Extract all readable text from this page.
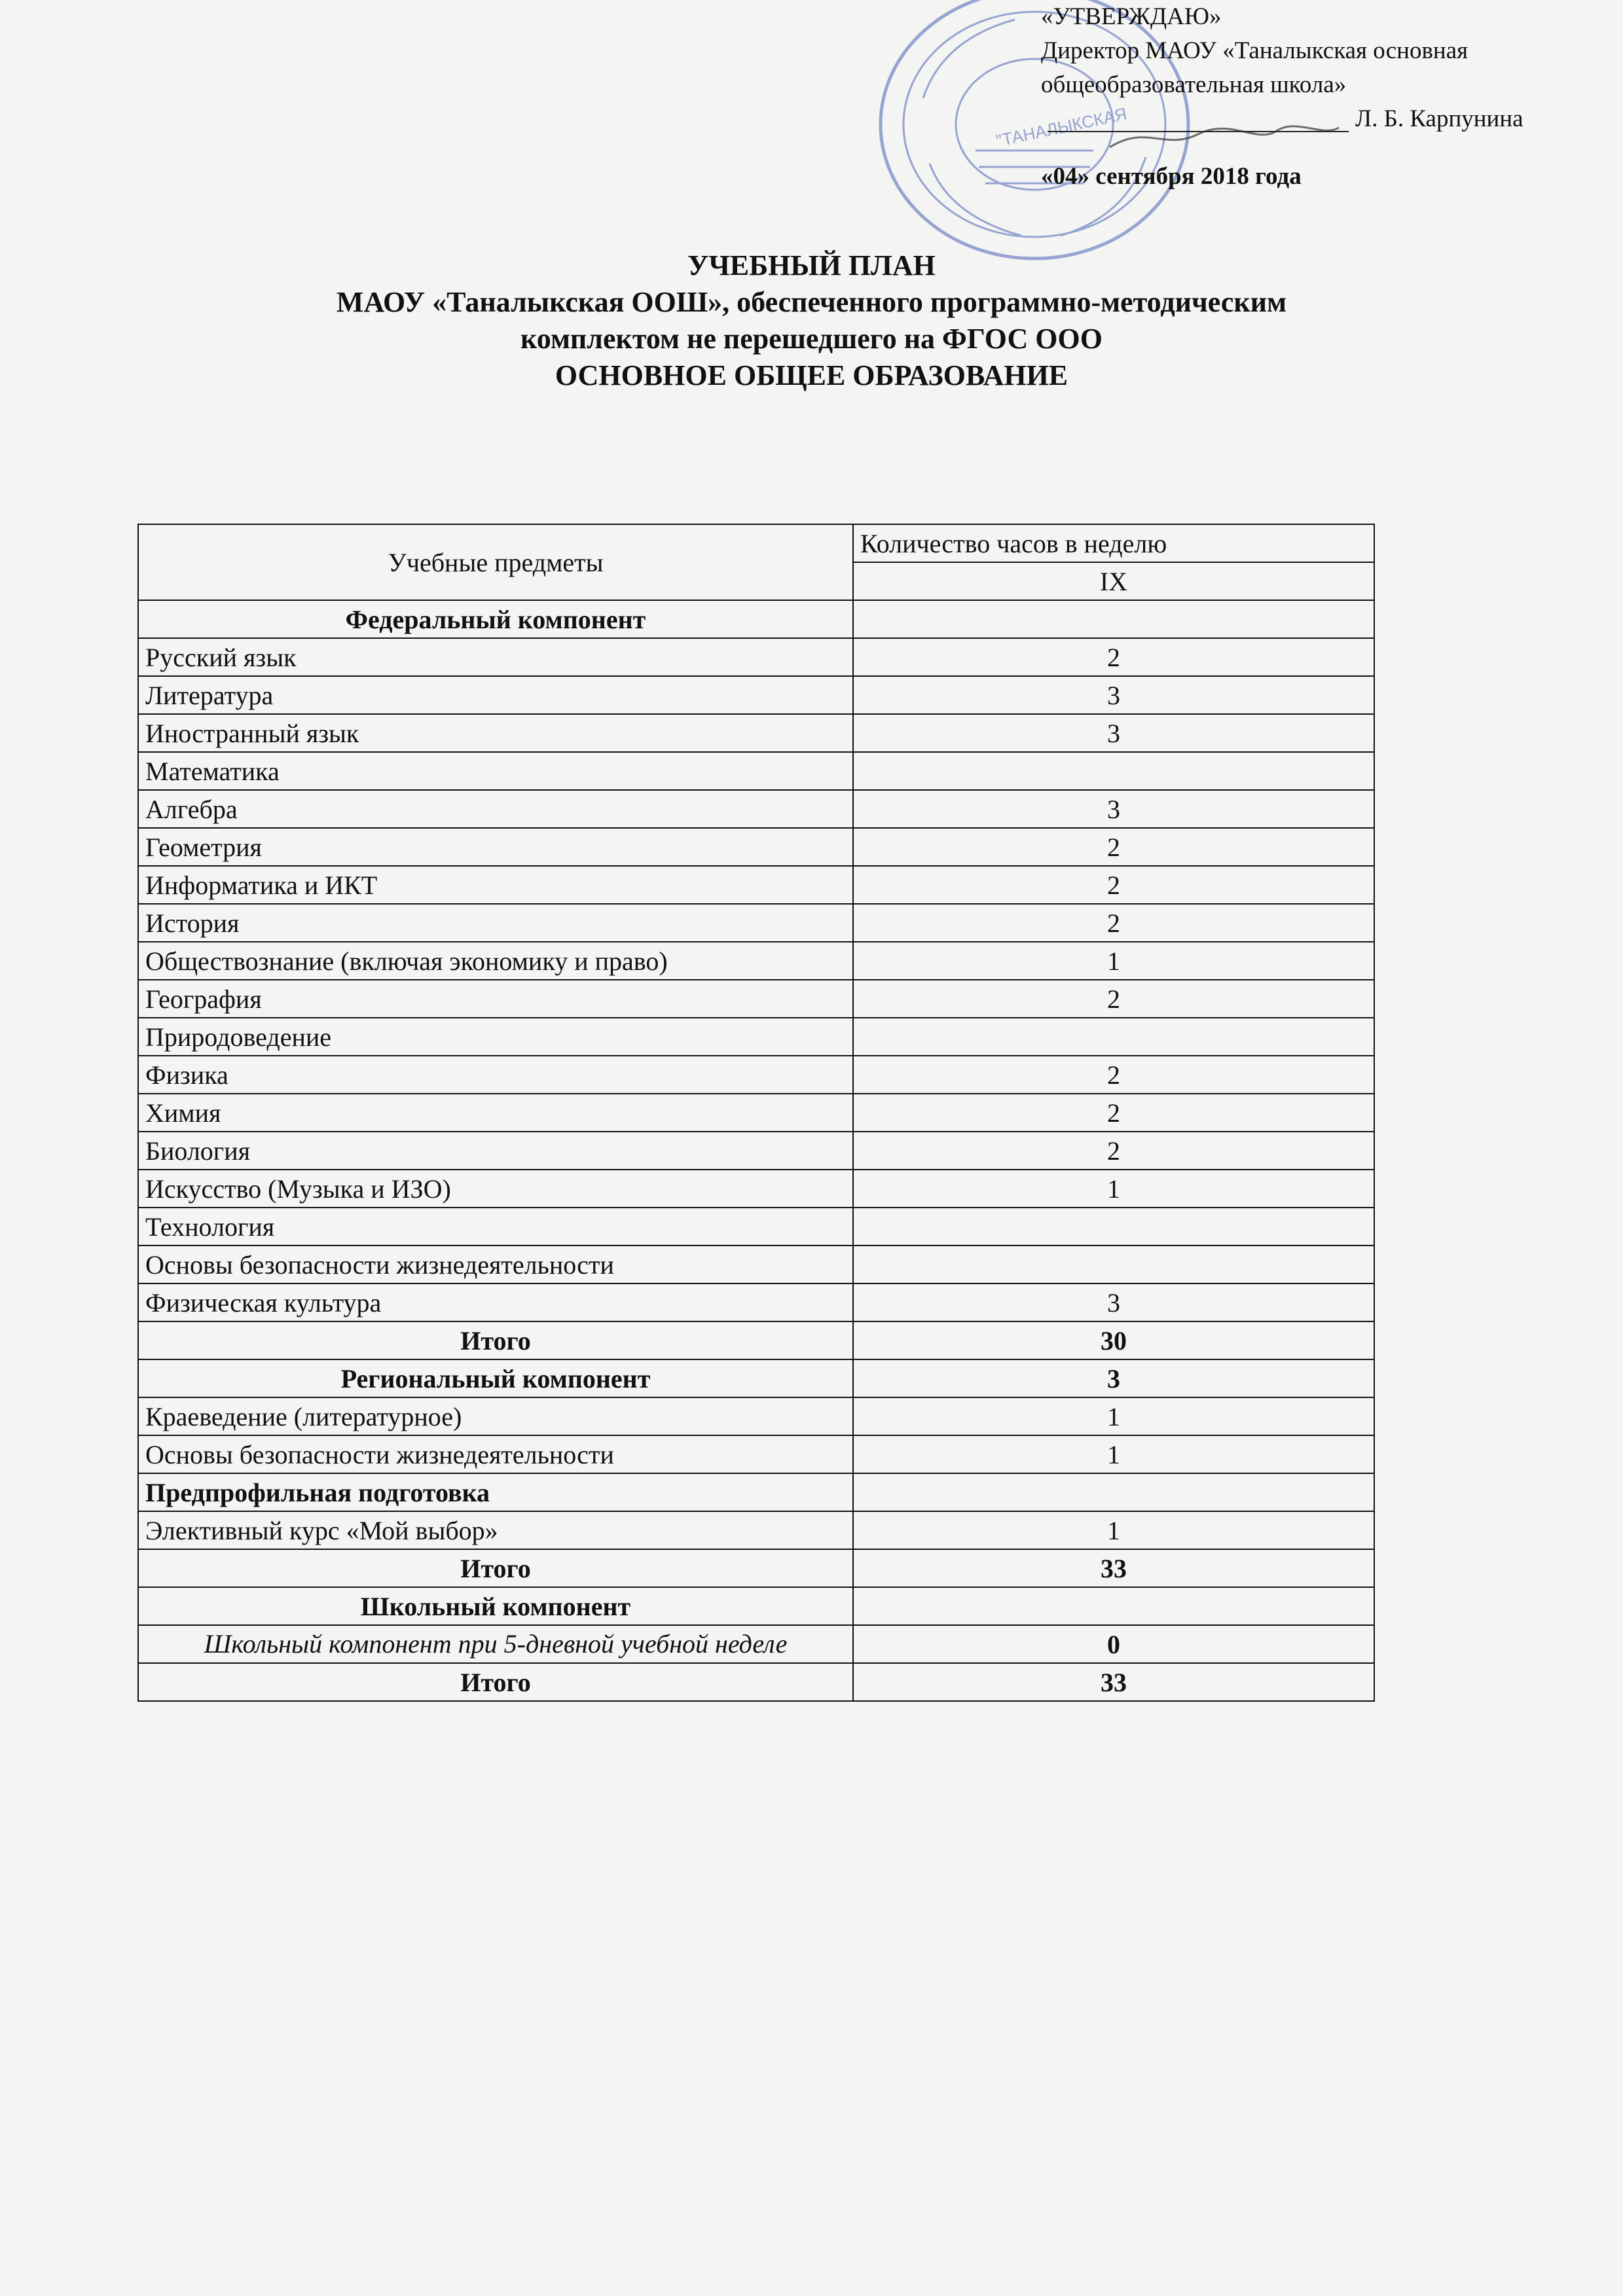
"ТАНАЛЫКСКАЯ
«УТВЕРЖДАЮ»
Директор МАОУ «Таналыкская основная
общеобразовательная школа»
Л. Б. Карпунина
«04» сентября 2018 года
УЧЕБНЫЙ ПЛАН
МАОУ «Таналыкская ООШ», обеспеченного программно-методическим
комплектом не перешедшего на ФГОС ООО
ОСНОВНОЕ ОБЩЕЕ ОБРАЗОВАНИЕ
Учебные предметы	Количество часов в неделю
	IX
Федеральный компонент	
Русский язык	2
Литература	3
Иностранный язык	3
Математика	
Алгебра	3
Геометрия	2
Информатика и ИКТ	2
История	2
Обществознание (включая экономику и право)	1
География	2
Природоведение	
Физика	2
Химия	2
Биология	2
Искусство (Музыка и ИЗО)	1
Технология	
Основы безопасности жизнедеятельности	
Физическая культура	3
Итого	30
Региональный компонент	3
Краеведение (литературное)	1
Основы безопасности жизнедеятельности	1
Предпрофильная подготовка	
Элективный курс «Мой выбор»	1
Итого	33
Школьный компонент	
Школьный компонент при 5-дневной учебной неделе	0
Итого	33
